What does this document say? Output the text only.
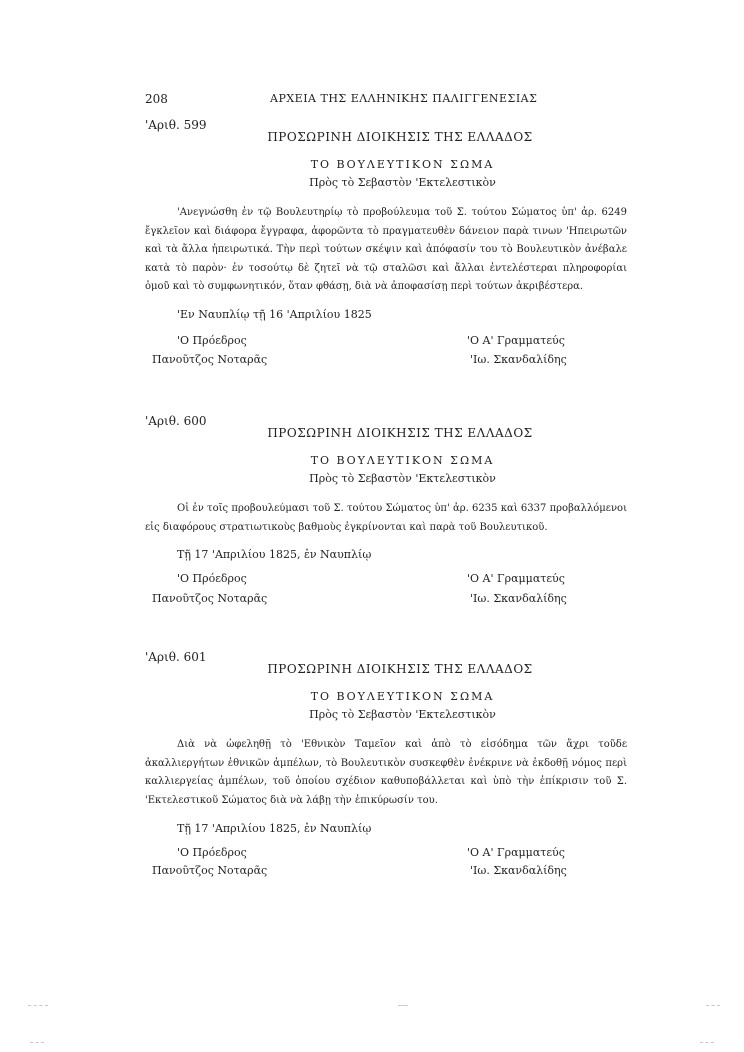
208	ΑΡΧΕΙΑ ΤΗΣ ΕΛΛΗΝΙΚΗΣ ΠΑΛΙΓΓΕΝΕΣΙΑΣ
'Αριθ. 599
ΠΡΟΣΩΡΙΝΗ ΔΙΟΙΚΗΣΙΣ ΤΗΣ ΕΛΛΑΔΟΣ
ΤΟ ΒΟΥΛΕΥΤΙΚΟΝ ΣΩΜΑ
Πρὸς τὸ Σεβαστὸν 'Εκτελεστικὸν
'Ανεγνώσθη ἐν τῷ Βουλευτηρίῳ τὸ προβούλευμα τοῦ Σ. τούτου Σώματος ὑπ' ἀρ. 6249 ἔγκλεῖον καὶ διάφορα ἔγγραφα, ἀφορῶντα τὸ πραγματευθὲν δάνειον παρὰ τινων 'Ηπειρωτῶν καὶ τὰ ἄλλα ἠπειρωτικά. Τὴν περὶ τούτων σκέψιν καὶ ἀπόφασίν του τὸ Βουλευτικὸν ἀνέβαλε κατὰ τὸ παρὸν· ἐν τοσούτῳ δὲ ζητεῖ νὰ τῷ σταλῶσι καὶ ἄλλαι ἐντελέστεραι πληροφορίαι ὁμοῦ καὶ τὸ συμφωνητικόν, ὅταν φθάσῃ, διὰ νὰ ἀποφασίσῃ περὶ τούτων ἀκριβέστερα.
'Εν Ναυπλίῳ τῇ 16 'Απριλίου 1825
'Ο Πρόεδρος
Πανοῦτζος Νοταρᾶς
'Ο Α' Γραμματεύς
'Ιω. Σκανδαλίδης
'Αριθ. 600
ΠΡΟΣΩΡΙΝΗ ΔΙΟΙΚΗΣΙΣ ΤΗΣ ΕΛΛΑΔΟΣ
ΤΟ ΒΟΥΛΕΥΤΙΚΟΝ ΣΩΜΑ
Πρὸς τὸ Σεβαστὸν 'Εκτελεστικὸν
Οἱ ἐν τοῖς προβουλεύμασι τοῦ Σ. τούτου Σώματος ὑπ' ἀρ. 6235 καὶ 6337 προβαλλόμενοι εἰς διαφόρους στρατιωτικοὺς βαθμοὺς ἐγκρίνονται καὶ παρὰ τοῦ Βουλευτικοῦ.
Τῇ 17 'Απριλίου 1825, ἐν Ναυπλίῳ
'Ο Πρόεδρος
Πανοῦτζος Νοταρᾶς
'Ο Α' Γραμματεύς
'Ιω. Σκανδαλίδης
'Αριθ. 601
ΠΡΟΣΩΡΙΝΗ ΔΙΟΙΚΗΣΙΣ ΤΗΣ ΕΛΛΑΔΟΣ
ΤΟ ΒΟΥΛΕΥΤΙΚΟΝ ΣΩΜΑ
Πρὸς τὸ Σεβαστὸν 'Εκτελεστικὸν
Διὰ νὰ ὠφεληθῇ τὸ 'Εθνικὸν Ταμεῖον καὶ ἀπὸ τὸ εἰσόδημα τῶν ἄχρι τοῦδε ἀκαλλιεργήτων ἐθνικῶν ἀμπέλων, τὸ Βουλευτικὸν συσκεφθὲν ἐνέκρινε νὰ ἐκδοθῇ νόμος περὶ καλλιεργείας ἀμπέλων, τοῦ ὁποίου σχέδιον καθυποβάλλεται καὶ ὑπὸ τὴν ἐπίκρισιν τοῦ Σ. 'Εκτελεστικοῦ Σώματος διὰ νὰ λάβῃ τὴν ἐπικύρωσίν του.
Τῇ 17 'Απριλίου 1825, ἐν Ναυπλίῳ
'Ο Πρόεδρος
Πανοῦτζος Νοταρᾶς
'Ο Α' Γραμματεύς
'Ιω. Σκανδαλίδης
